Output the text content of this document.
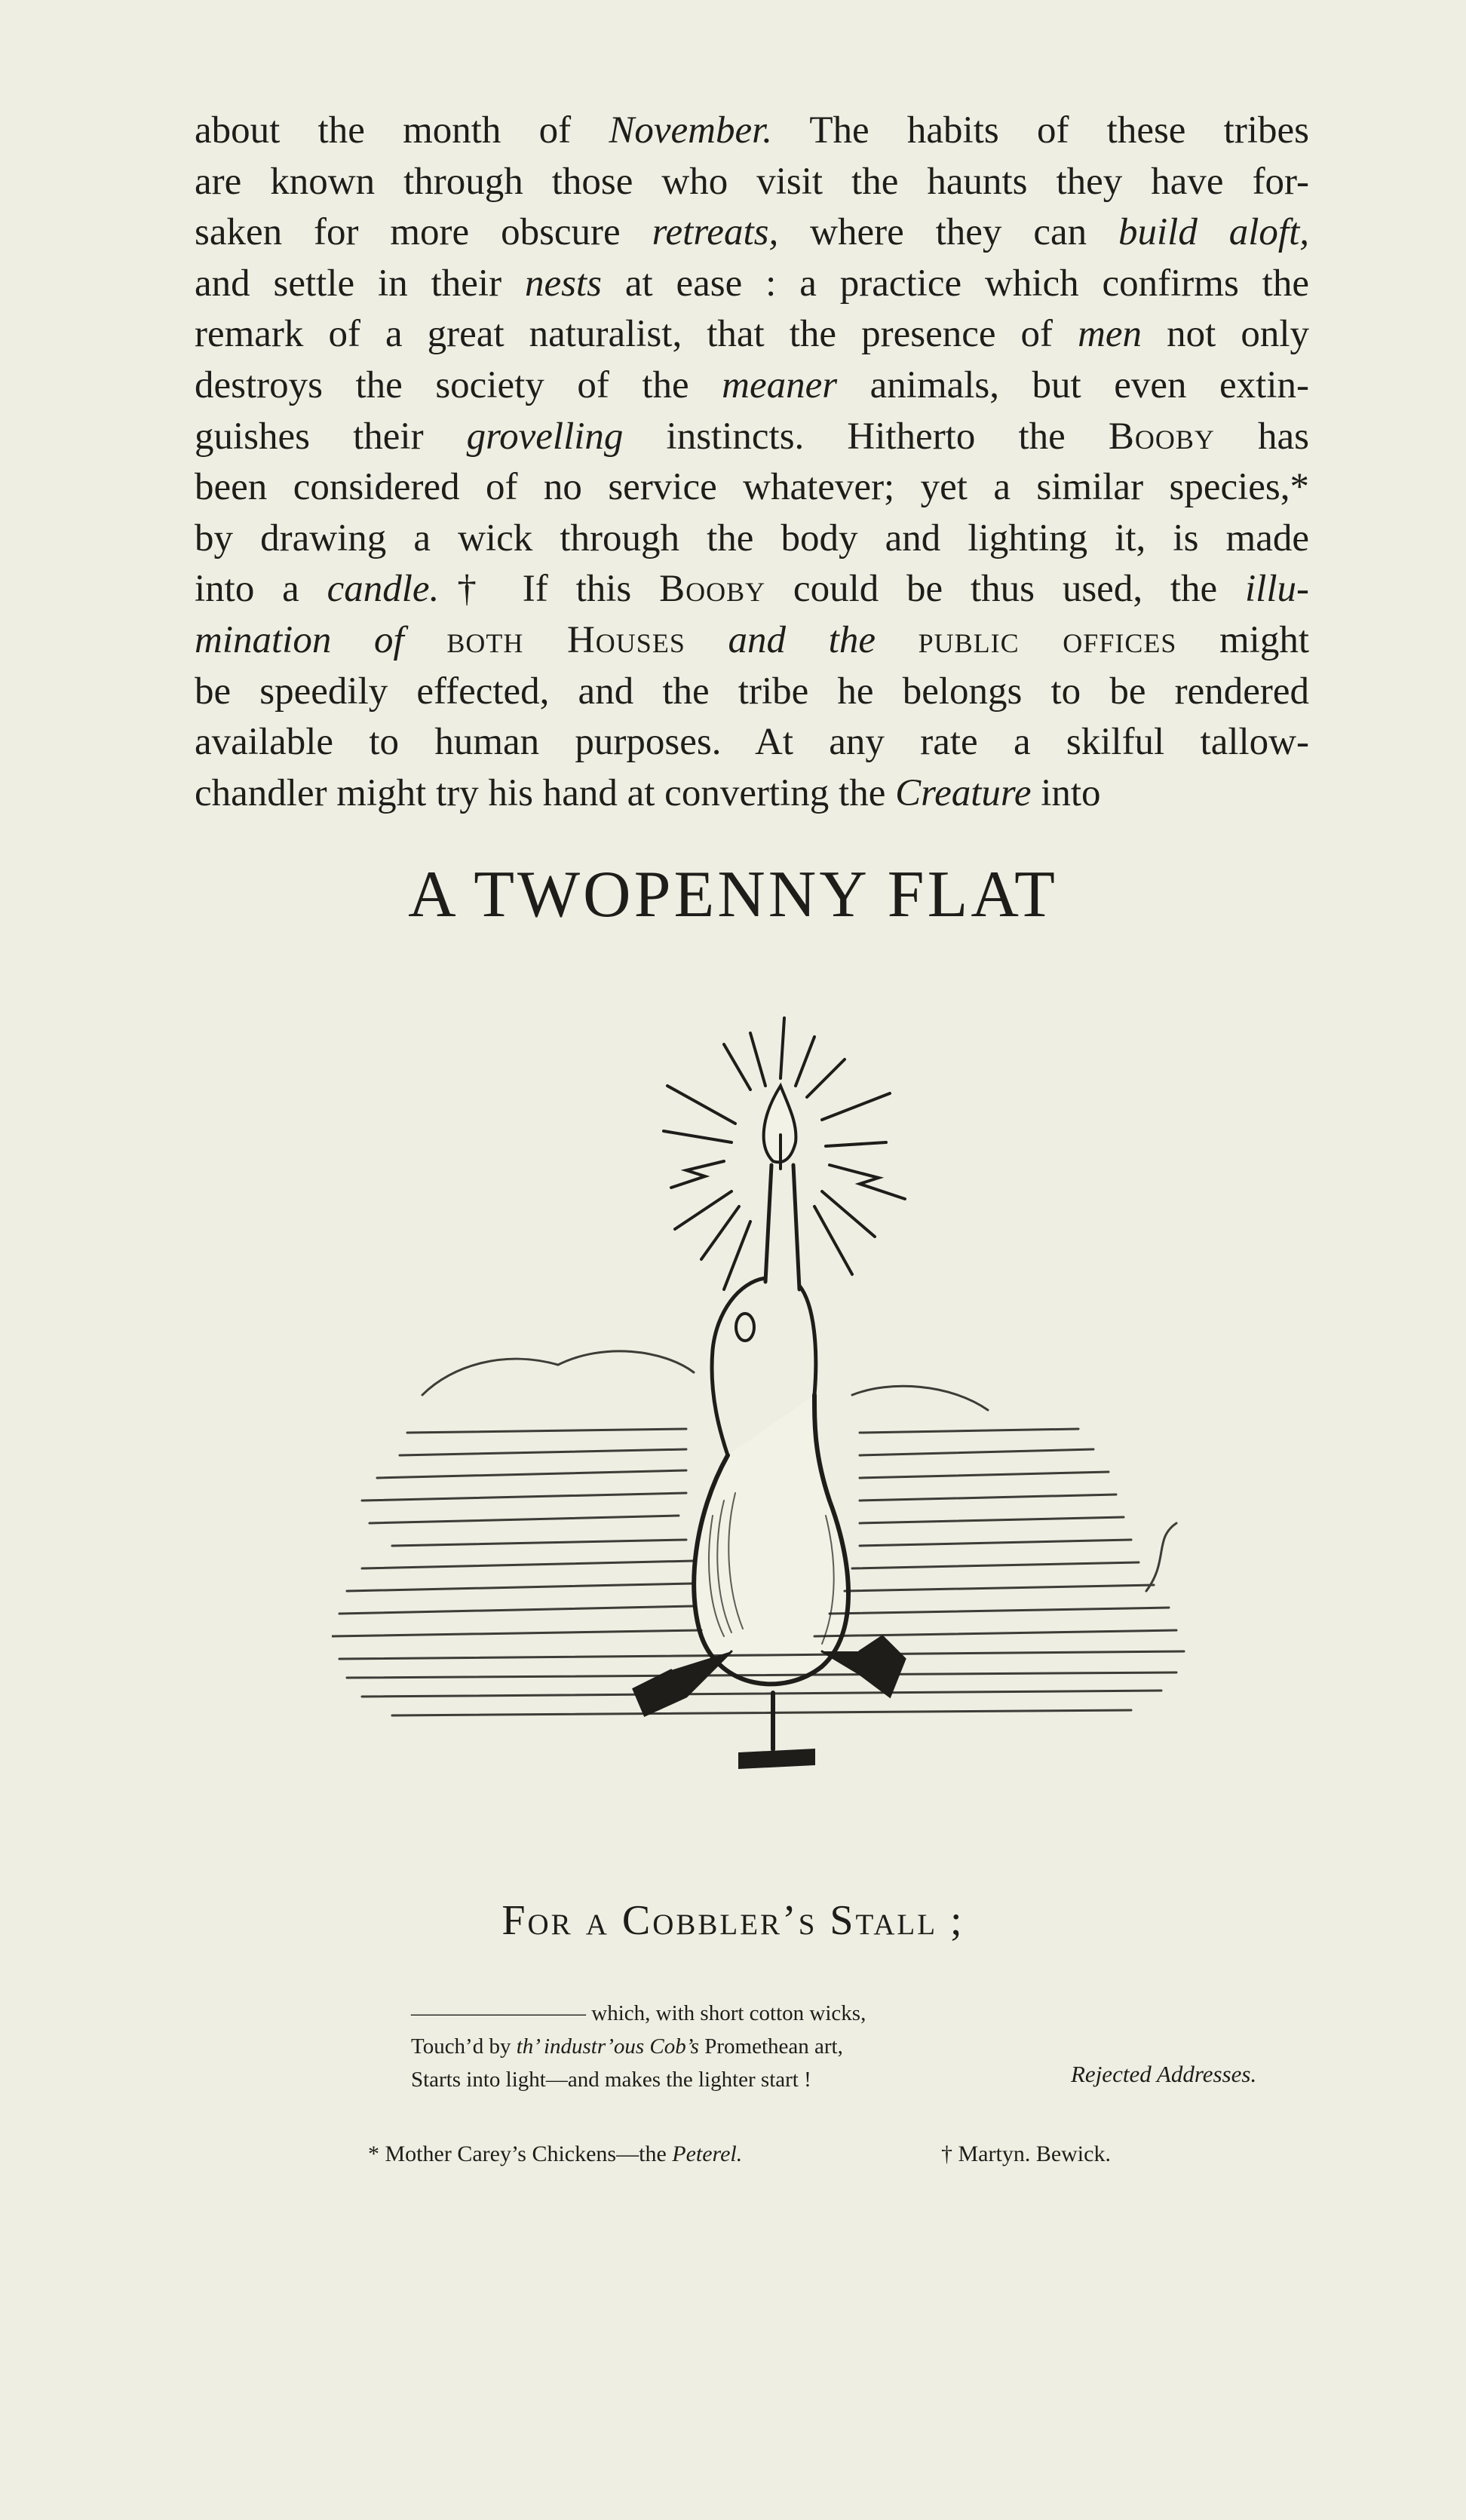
about the month of November. The habits of these tribes
are known through those who visit the haunts they have for-
saken for more obscure retreats, where they can build aloft,
and settle in their nests at ease : a practice which confirms the
remark of a great naturalist, that the presence of men not only
destroys the society of the meaner animals, but even extin-
guishes their grovelling instincts. Hitherto the Booby has
been considered of no service whatever; yet a similar species,*
by drawing a wick through the body and lighting it, is made
into a candle.† If this Booby could be thus used, the illu-
mination of both Houses and the public offices might
be speedily effected, and the tribe he belongs to be rendered
available to human purposes. At any rate a skilful tallow-
chandler might try his hand at converting the Creature into
A TWOPENNY FLAT
For a Cobbler’s Stall ;
———————— which, with short cotton wicks,
Touch’d by th’ industr’ous Cob’s Promethean art,
Starts into light—and makes the lighter start !	Rejected Addresses.
* Mother Carey’s Chickens—the Peterel.	† Martyn. Bewick.
